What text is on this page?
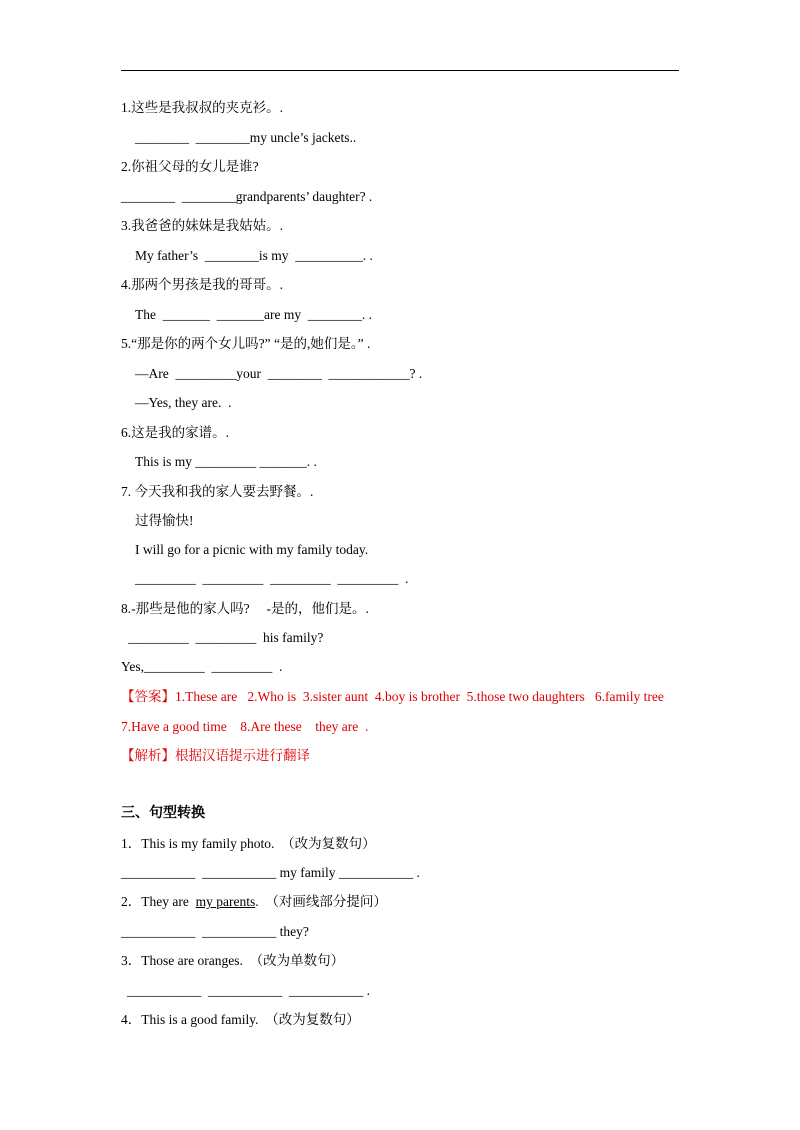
1.这些是我叔叔的夹克衫。.
________  ________my uncle’s jackets..
2.你祖父母的女儿是谁?
________  ________grandparents’ daughter? .
3.我爸爸的妹妹是我姑姑。.
My father’s  ________is my  __________. .
4.那两个男孩是我的哥哥。.
The  _______  _______are my  ________. .
5.“那是你的两个女儿吗?” “是的,她们是。” .
—Are  _________your  ________  ____________? .
—Yes, they are.  .
6.这是我的家谱。.
This is my _________ _______. .
7. 今天我和我的家人要去野餐。.
过得愉快!
I will go for a picnic with my family today.
_________  _________  _________  _________  .
8.-那些是他的家人吗?     -是的，他们是。.
_________  _________  his family?
Yes,_________  _________  .
【答案】1.These are   2.Who is  3.sister aunt  4.boy is brother  5.those two daughters   6.family tree
7.Have a good time    8.Are these    they are  .
【解析】根据汉语提示进行翻译
三、句型转换
1．This is my family photo.  （改为复数句）
___________  ___________ my family ___________ .
2．They are  my parents.  （对画线部分提问）
___________  ___________ they?
3．Those are oranges.  （改为单数句）
___________  ___________  ___________ .
4．This is a good family.  （改为复数句）
